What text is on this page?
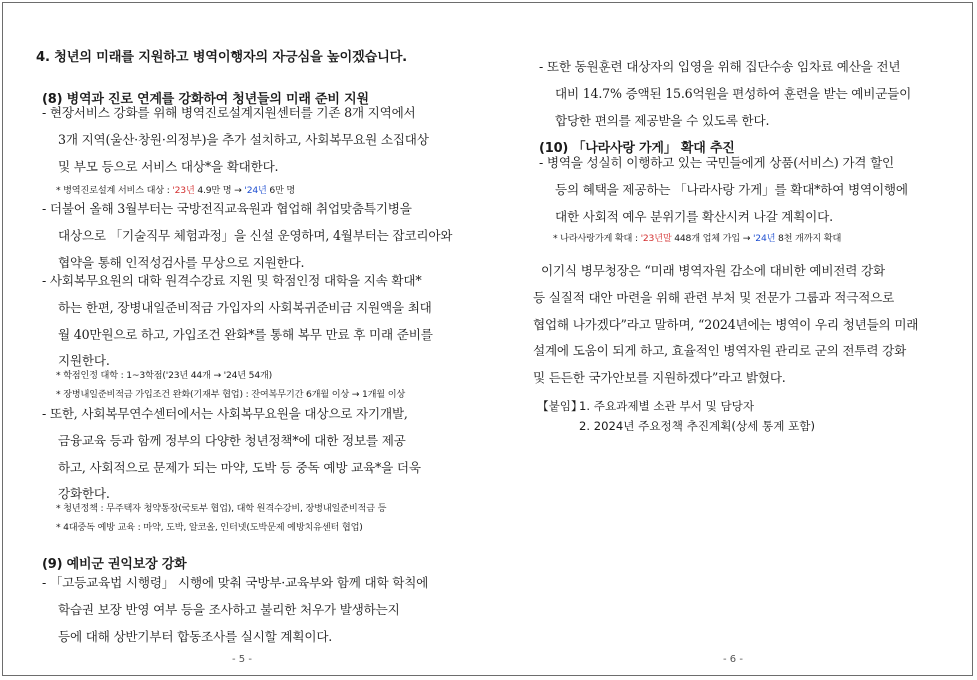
4. 청년의 미래를 지원하고 병역이행자의 자긍심을 높이겠습니다.
(8) 병역과 진로 연계를 강화하여 청년들의 미래 준비 지원
- 현장서비스 강화를 위해 병역진로설계지원센터를 기존 8개 지역에서
3개 지역(울산·창원·의정부)을 추가 설치하고, 사회복무요원 소집대상
및 부모 등으로 서비스 대상*을 확대한다.
* 병역진로설계 서비스 대상 : '23년 4.9만 명 → '24년 6만 명
- 더불어 올해 3월부터는 국방전직교육원과 협업해 취업맞춤특기병을
대상으로 「기술직무 체험과정」을 신설 운영하며, 4월부터는 잡코리아와
협약을 통해 인적성검사를 무상으로 지원한다.
- 사회복무요원의 대학 원격수강료 지원 및 학점인정 대학을 지속 확대*
하는 한편, 장병내일준비적금 가입자의 사회복귀준비금 지원액을 최대
월 40만원으로 하고, 가입조건 완화*를 통해 복무 만료 후 미래 준비를
지원한다.
* 학점인정 대학 : 1~3학점('23년 44개 → '24년 54개)
* 장병내일준비적금 가입조건 완화(기재부 협업) : 잔여복무기간 6개월 이상 → 1개월 이상
- 또한, 사회복무연수센터에서는 사회복무요원을 대상으로 자기개발,
금융교육 등과 함께 정부의 다양한 청년정책*에 대한 정보를 제공
하고, 사회적으로 문제가 되는 마약, 도박 등 중독 예방 교육*을 더욱
강화한다.
* 청년정책 : 무주택자 청약통장(국토부 협업), 대학 원격수강비, 장병내일준비적금 등
* 4대중독 예방 교육 : 마약, 도박, 알코올, 인터넷(도박문제 예방치유센터 협업)
(9) 예비군 권익보장 강화
- 「고등교육법 시행령」 시행에 맞춰 국방부·교육부와 함께 대학 학칙에
학습권 보장 반영 여부 등을 조사하고 불리한 처우가 발생하는지
등에 대해 상반기부터 합동조사를 실시할 계획이다.
- 5 -
- 또한 동원훈련 대상자의 입영을 위해 집단수송 임차료 예산을 전년
대비 14.7% 증액된 15.6억원을 편성하여 훈련을 받는 예비군들이
합당한 편의를 제공받을 수 있도록 한다.
(10) 「나라사랑 가게」 확대 추진
- 병역을 성실히 이행하고 있는 국민들에게 상품(서비스) 가격 할인
등의 혜택을 제공하는 「나라사랑 가게」를 확대*하여 병역이행에
대한 사회적 예우 분위기를 확산시켜 나갈 계획이다.
* 나라사랑가게 확대 : '23년말 448개 업체 가입 → '24년 8천 개까지 확대
이기식 병무청장은 “미래 병역자원 감소에 대비한 예비전력 강화
등 실질적 대안 마련을 위해 관련 부처 및 전문가 그룹과 적극적으로
협업해 나가겠다”라고 말하며, “2024년에는 병역이 우리 청년들의 미래
설계에 도움이 되게 하고, 효율적인 병역자원 관리로 군의 전투력 강화
및 든든한 국가안보를 지원하겠다”라고 밝혔다.
【붙임】
1. 주요과제별 소관 부서 및 담당자
2. 2024년 주요정책 추진계획(상세 통계 포함)
- 6 -
